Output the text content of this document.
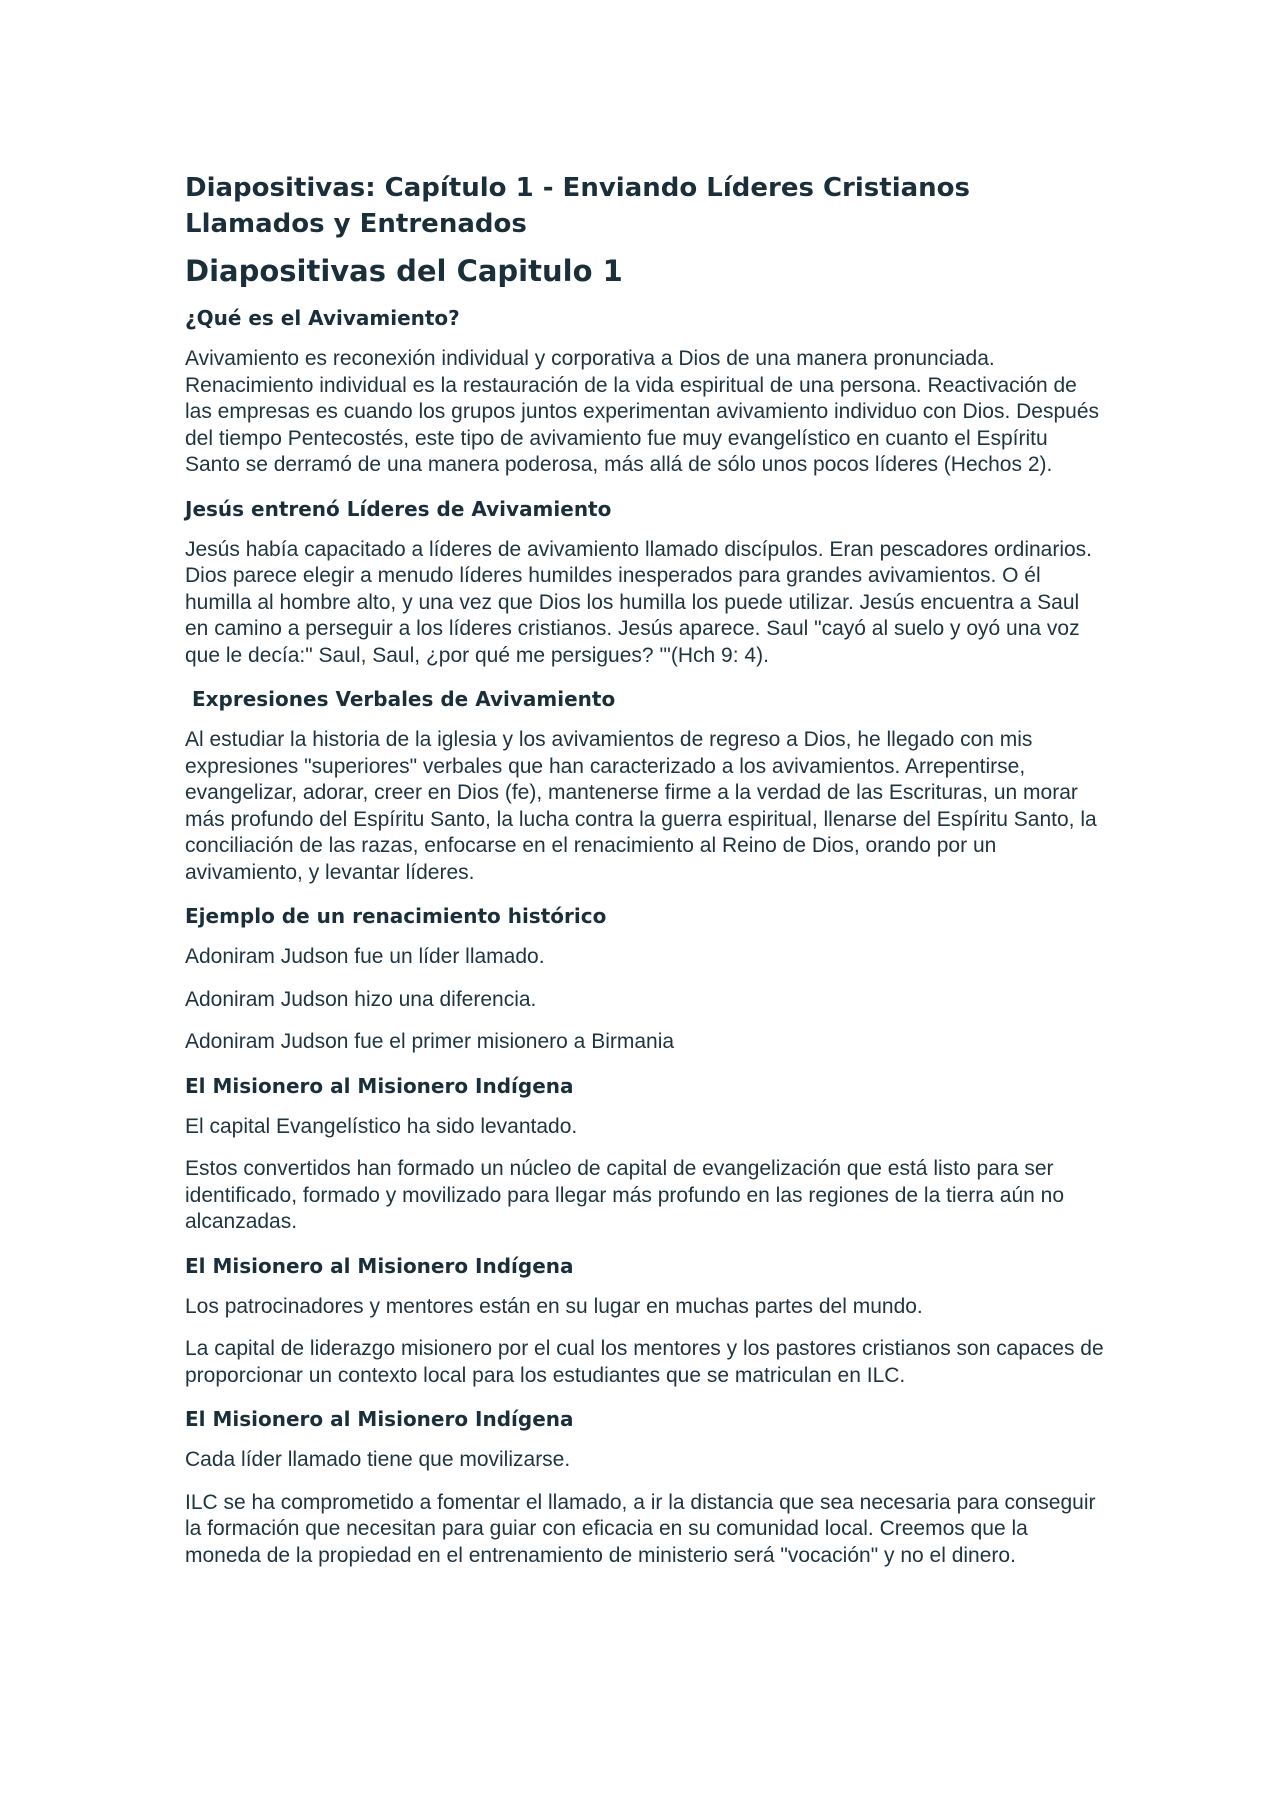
Diapositivas: Capítulo 1 - Enviando Líderes Cristianos Llamados y Entrenados
Diapositivas del Capitulo 1
¿Qué es el Avivamiento?

Avivamiento es reconexión individual y corporativa a Dios de una manera pronunciada. Renacimiento individual es la restauración de la vida espiritual de una persona. Reactivación de las empresas es cuando los grupos juntos experimentan avivamiento individuo con Dios. Después del tiempo Pentecostés, este tipo de avivamiento fue muy evangelístico en cuanto el Espíritu Santo se derramó de una manera poderosa, más allá de sólo unos pocos líderes (Hechos 2).

Jesús entrenó Líderes de Avivamiento

Jesús había capacitado a líderes de avivamiento llamado discípulos. Eran pescadores ordinarios. Dios parece elegir a menudo líderes humildes inesperados para grandes avivamientos. O él humilla al hombre alto, y una vez que Dios los humilla los puede utilizar. Jesús encuentra a Saul en camino a perseguir a los líderes cristianos. Jesús aparece. Saul "cayó al suelo y oyó una voz que le decía:" Saul, Saul, ¿por qué me persigues? '"(Hch 9: 4).

Expresiones Verbales de Avivamiento

Al estudiar la historia de la iglesia y los avivamientos de regreso a Dios, he llegado con mis expresiones "superiores" verbales que han caracterizado a los avivamientos. Arrepentirse, evangelizar, adorar, creer en Dios (fe), mantenerse firme a la verdad de las Escrituras, un morar más profundo del Espíritu Santo, la lucha contra la guerra espiritual, llenarse del Espíritu Santo, la conciliación de las razas, enfocarse en el renacimiento al Reino de Dios, orando por un avivamiento, y levantar líderes.

Ejemplo de un renacimiento histórico

Adoniram Judson fue un líder llamado.

Adoniram Judson hizo una diferencia.

Adoniram Judson fue el primer misionero a Birmania

El Misionero al Misionero Indígena

El capital Evangelístico ha sido levantado.

Estos convertidos han formado un núcleo de capital de evangelización que está listo para ser identificado, formado y movilizado para llegar más profundo en las regiones de la tierra aún no alcanzadas.

El Misionero al Misionero Indígena

Los patrocinadores y mentores están en su lugar en muchas partes del mundo.

La capital de liderazgo misionero por el cual los mentores y los pastores cristianos son capaces de proporcionar un contexto local para los estudiantes que se matriculan en ILC.

El Misionero al Misionero Indígena

Cada líder llamado tiene que movilizarse.

ILC se ha comprometido a fomentar el llamado, a ir la distancia que sea necesaria para conseguir la formación que necesitan para guiar con eficacia en su comunidad local. Creemos que la moneda de la propiedad en el entrenamiento de ministerio será "vocación" y no el dinero.
